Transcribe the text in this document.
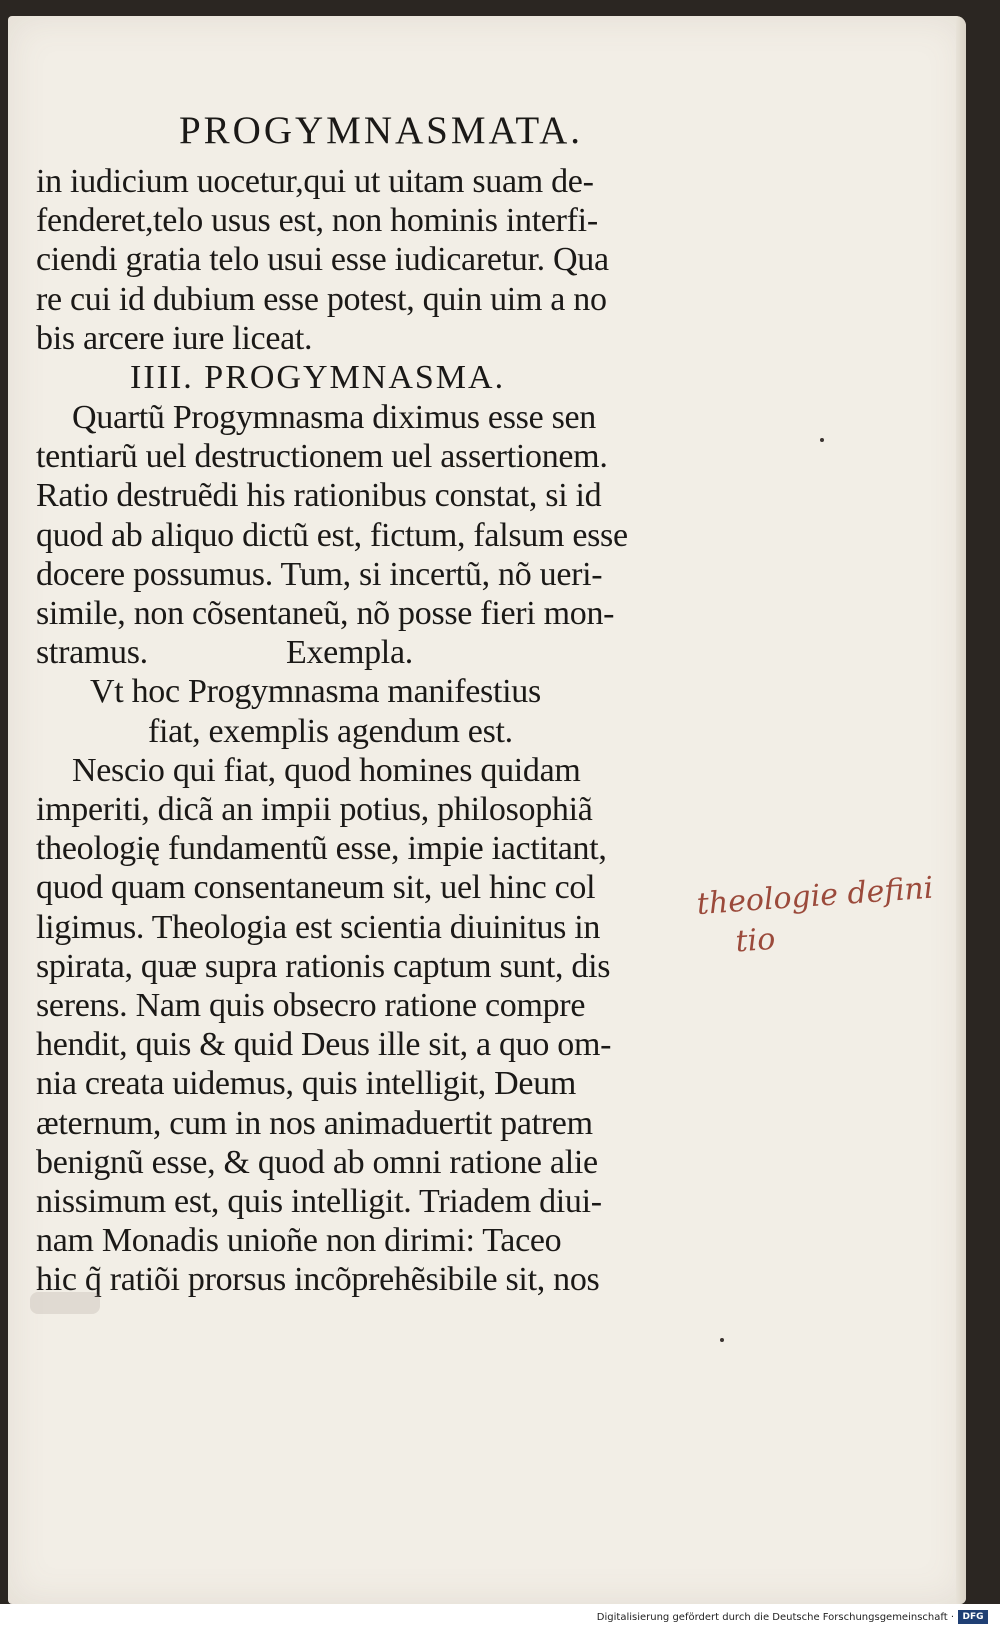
PROGYMNASMATA.
in iudicium uocetur,qui ut uitam suam de-
fenderet,telo usus est, non hominis interfi-
ciendi gratia telo usui esse iudicaretur. Qua
re cui id dubium esse potest, quin uim a no
bis arcere iure liceat.
IIII. PROGYMNASMA.
Quartũ Progymnasma diximus esse sen
tentiarũ uel destructionem uel assertionem.
Ratio destruẽdi his rationibus constat, si id
quod ab aliquo dictũ est, fictum, falsum esse
docere possumus. Tum, si incertũ, nõ ueri-
simile, non cõsentaneũ, nõ posse fieri mon-
stramus.	Exempla.
Vt hoc Progymnasma manifestius
fiat, exemplis agendum est.
Nescio qui fiat, quod homines quidam
imperiti, dicã an impii potius, philosophiã
theologię fundamentũ esse, impie iactitant,
quod quam consentaneum sit, uel hinc col
ligimus. Theologia est scientia diuinitus in
spirata, quæ supra rationis captum sunt, dis
serens. Nam quis obsecro ratione compre
hendit, quis & quid Deus ille sit, a quo om-
nia creata uidemus, quis intelligit, Deum
æternum, cum in nos animaduertit patrem
benignũ esse, & quod ab omni ratione alie
nissimum est, quis intelligit. Triadem diui-
nam Monadis unioñe non dirimi: Taceo
hic q̃ ratiõi prorsus incõprehẽsibile sit, nos
theologie defini
tio
Digitalisierung gefördert durch die Deutsche Forschungsgemeinschaft · DFG
